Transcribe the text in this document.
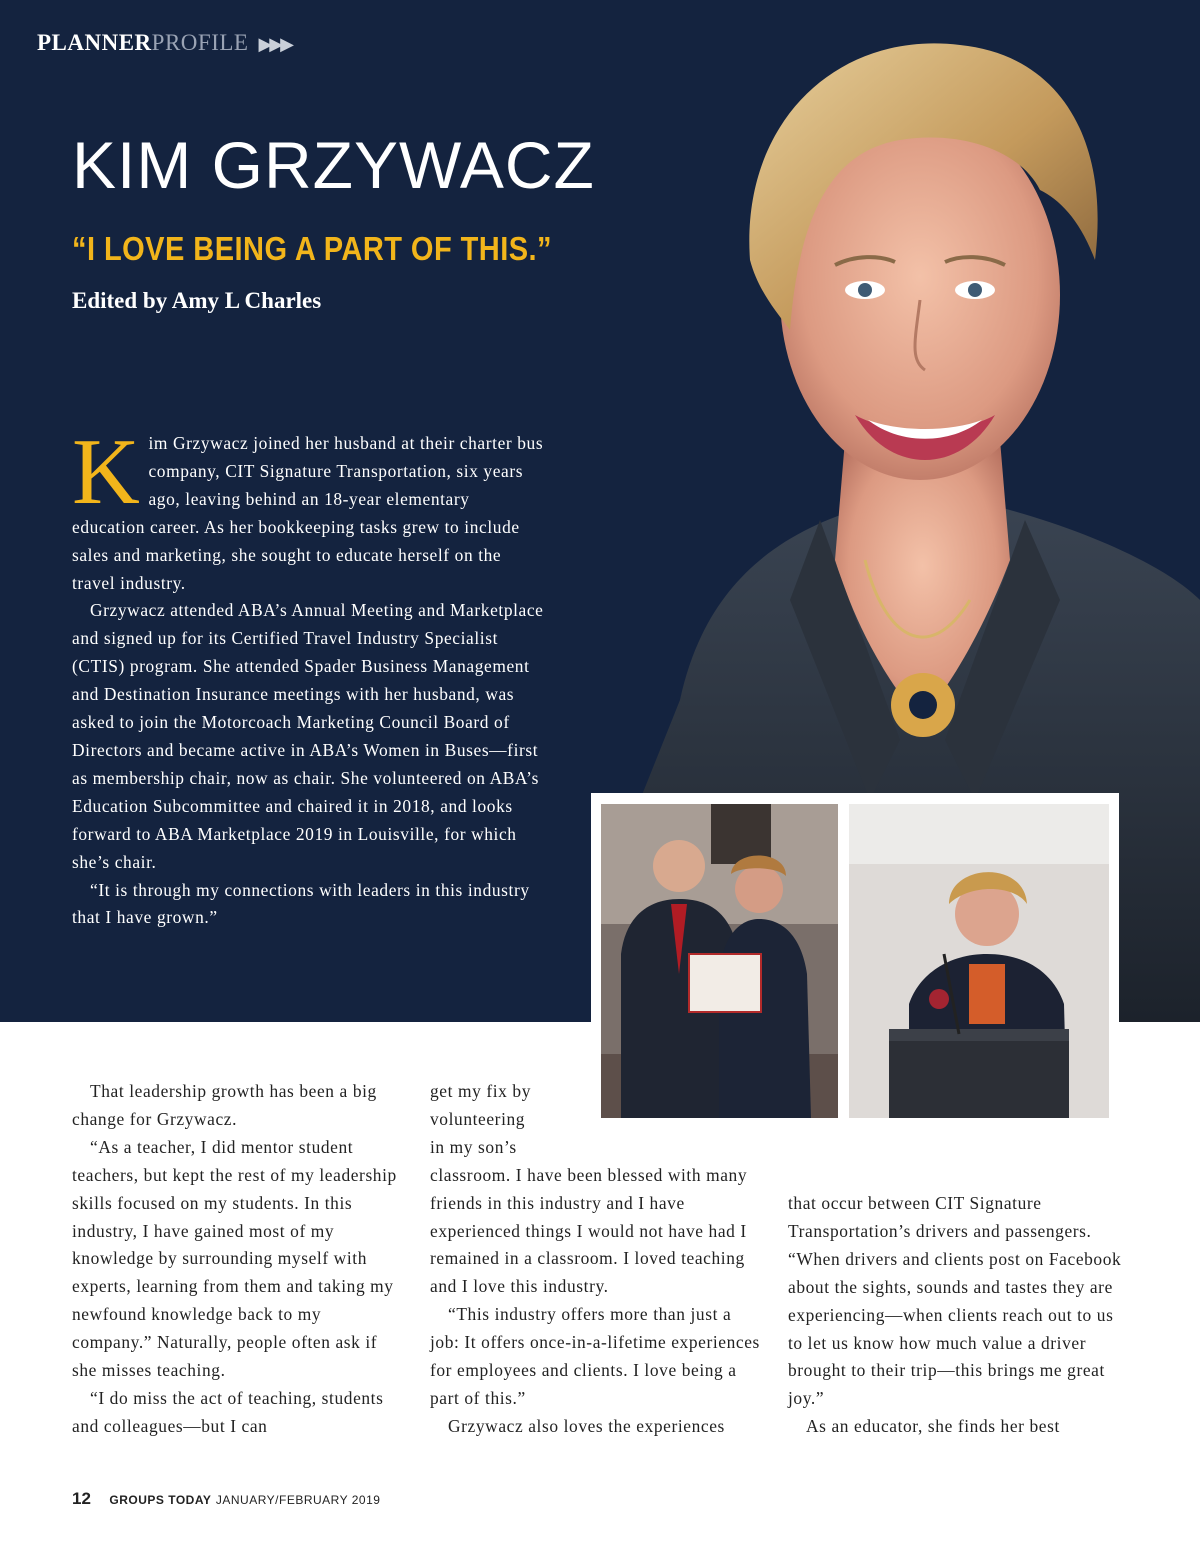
PLANNERPROFILE ▶▶▶
KIM GRZYWACZ
“I LOVE BEING A PART OF THIS.”
Edited by Amy L Charles
K im Grzywacz joined her husband at their charter bus company, CIT Signature Transportation, six years ago, leaving behind an 18-year elementary education career. As her bookkeeping tasks grew to include sales and marketing, she sought to educate herself on the travel industry.

Grzywacz attended ABA’s Annual Meeting and Marketplace and signed up for its Certified Travel Industry Specialist (CTIS) program. She attended Spader Business Management and Destination Insurance meetings with her husband, was asked to join the Motorcoach Marketing Council Board of Directors and became active in ABA’s Women in Buses—first as membership chair, now as chair. She volunteered on ABA’s Education Subcommittee and chaired it in 2018, and looks forward to ABA Marketplace 2019 in Louisville, for which she’s chair.

“It is through my connections with leaders in this industry that I have grown.”

That leadership growth has been a big change for Grzywacz.

“As a teacher, I did mentor student teachers, but kept the rest of my leadership skills focused on my students. In this industry, I have gained most of my knowledge by surrounding myself with experts, learning from them and taking my newfound knowledge back to my company.” Naturally, people often ask if she misses teaching.

“I do miss the act of teaching, students and colleagues—but I can

get my fix by

volunteering

in my son’s

classroom. I have been blessed with many friends in this industry and I have experienced things I would not have had I remained in a classroom. I loved teaching and I love this industry.

“This industry offers more than just a job: It offers once-in-a-lifetime experiences for employees and clients. I love being a part of this.”

Grzywacz also loves the experiences

that occur between CIT Signature Transportation’s drivers and passengers. “When drivers and clients post on Facebook about the sights, sounds and tastes they are experiencing—when clients reach out to us to let us know how much value a driver brought to their trip—this brings me great joy.”

As an educator, she finds her best

12 GROUPS TODAY JANUARY/FEBRUARY 2019
